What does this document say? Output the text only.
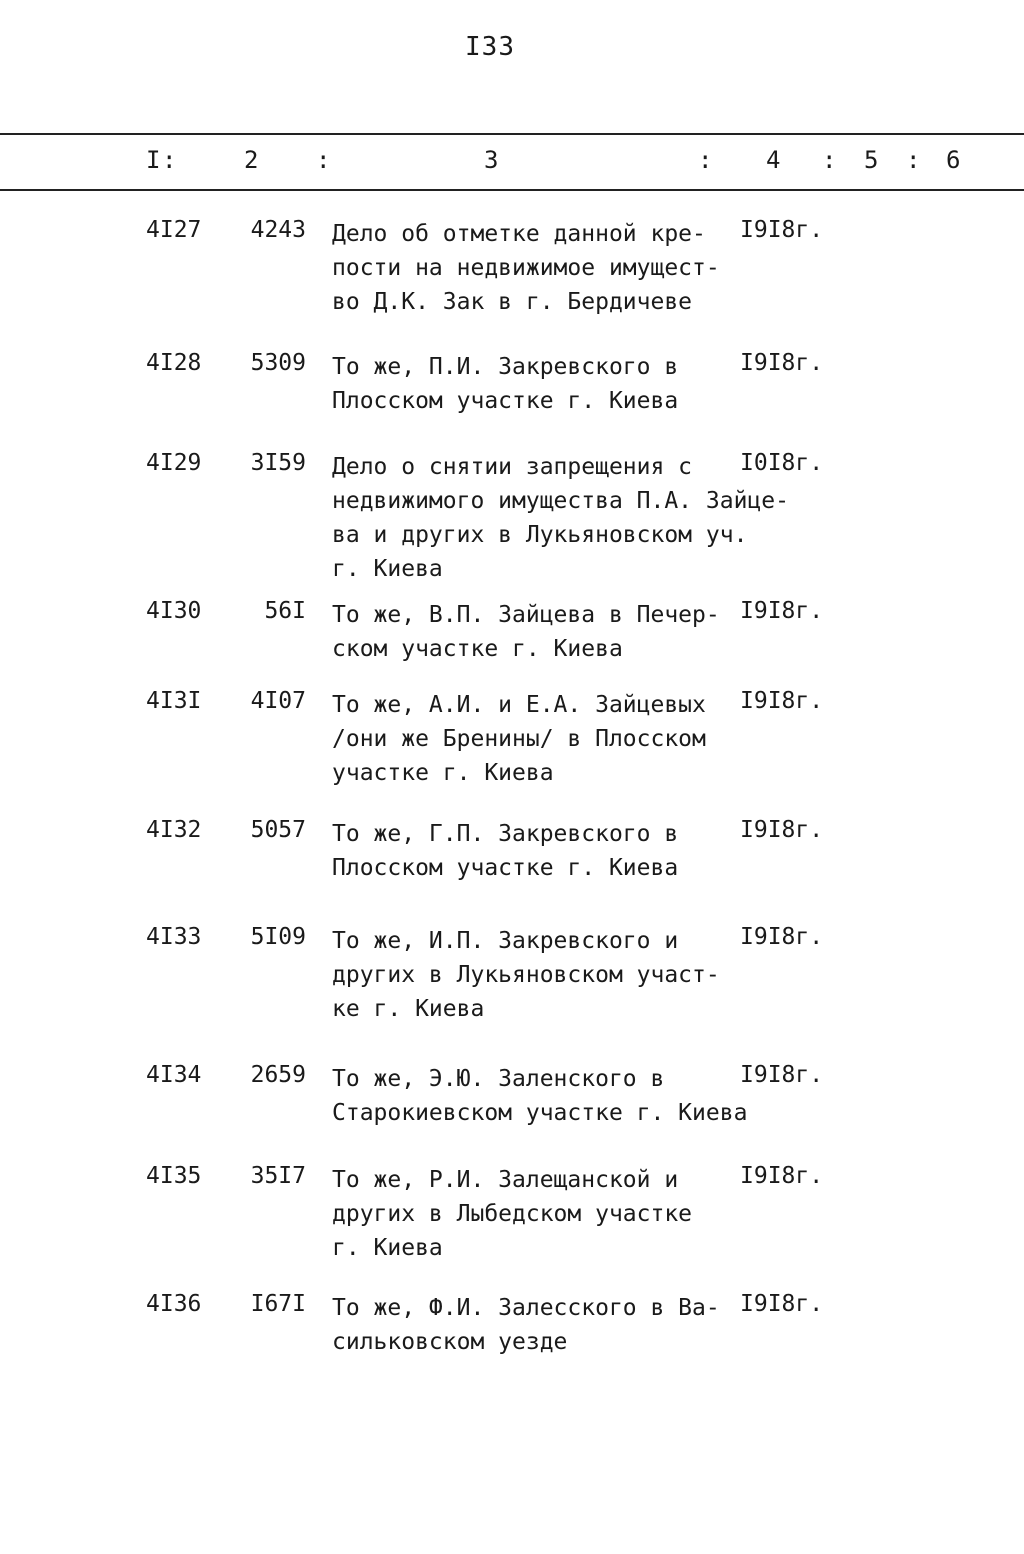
I33
I :	2 :	3	: 4 : 5 : 6
4I27	4243 Дело об отметке данной кре-
пости на недвижимое имущест-
во Д.К. Зак в г. Бердичеве
I9I8г.
4I28	5309 То же, П.И. Закревского в
Плосском участке г. Киева
I9I8г.
4I29	3I59 Дело о снятии запрещения с
недвижимого имущества П.А. Зайце-
ва и других в Лукьяновском уч.
г. Киева
I0I8г.
4I30	56I То же, В.П. Зайцева в Печер-
ском участке г. Киева
I9I8г.
4I3I	4I07 То же, А.И. и Е.А. Зайцевых
/они же Бренины/ в Плосском
участке г. Киева
I9I8г.
4I32	5057 То же, Г.П. Закревского в
Плосском участке г. Киева
I9I8г.
4I33	5I09 То же, И.П. Закревского и
других в Лукьяновском участ-
ке г. Киева
I9I8г.
4I34	2659 То же, Э.Ю. Заленского в
Старокиевском участке г. Киева
I9I8г.
4I35	35I7 То же, Р.И. Залещанской и
других в Лыбедском участке
г. Киева
I9I8г.
4I36	I67I То же, Ф.И. Залесского в Ва-
сильковском уезде
I9I8г.
